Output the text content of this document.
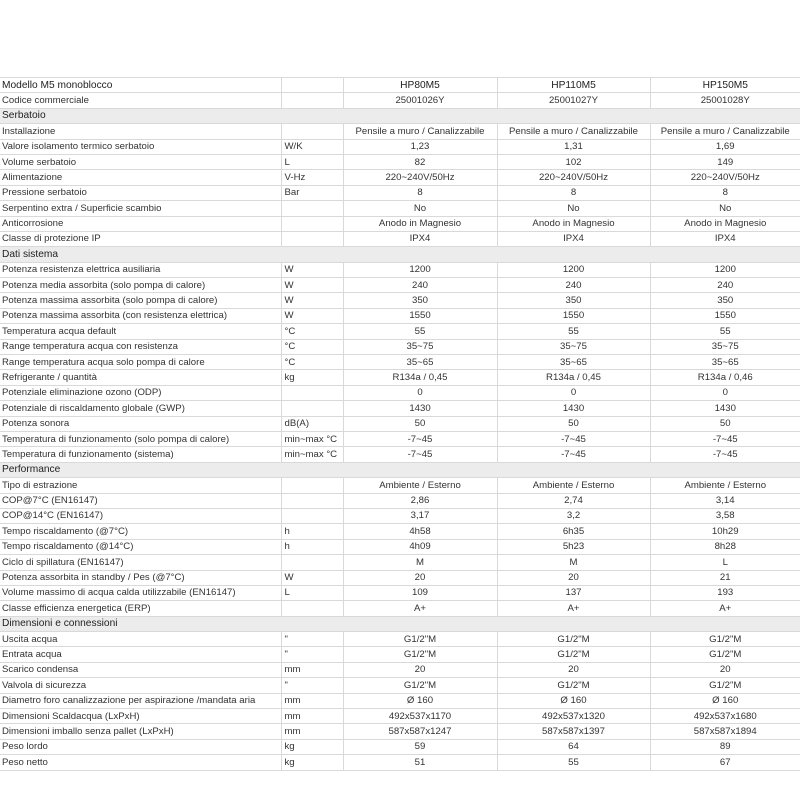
Modello M5 monoblocco		HP80M5	HP110M5	HP150M5
Codice commerciale		25001026Y	25001027Y	25001028Y
Serbatoio				
Installazione		Pensile a muro / Canalizzabile	Pensile a muro / Canalizzabile	Pensile a muro / Canalizzabile
Valore isolamento termico serbatoio	W/K	1,23	1,31	1,69
Volume serbatoio	L	82	102	149
Alimentazione	V-Hz	220~240V/50Hz	220~240V/50Hz	220~240V/50Hz
Pressione serbatoio	Bar	8	8	8
Serpentino extra / Superficie scambio		No	No	No
Anticorrosione		Anodo in Magnesio	Anodo in Magnesio	Anodo in Magnesio
Classe di protezione IP		IPX4	IPX4	IPX4
Dati sistema				
Potenza resistenza elettrica ausiliaria	W	1200	1200	1200
Potenza media assorbita (solo pompa di calore)	W	240	240	240
Potenza massima assorbita (solo pompa di calore)	W	350	350	350
Potenza massima assorbita (con resistenza elettrica)	W	1550	1550	1550
Temperatura acqua default	°C	55	55	55
Range temperatura acqua con resistenza	°C	35~75	35~75	35~75
Range temperatura acqua solo pompa di calore	°C	35~65	35~65	35~65
Refrigerante / quantità	kg	R134a / 0,45	R134a / 0,45	R134a / 0,46
Potenziale eliminazione ozono (ODP)		0	0	0
Potenziale di riscaldamento globale (GWP)		1430	1430	1430
Potenza sonora	dB(A)	50	50	50
Temperatura di funzionamento (solo pompa di calore)	min~max °C	-7~45	-7~45	-7~45
Temperatura di funzionamento (sistema)	min~max °C	-7~45	-7~45	-7~45
Performance				
Tipo di estrazione		Ambiente / Esterno	Ambiente / Esterno	Ambiente / Esterno
COP@7°C (EN16147)		2,86	2,74	3,14
COP@14°C (EN16147)		3,17	3,2	3,58
Tempo riscaldamento (@7°C)	h	4h58	6h35	10h29
Tempo riscaldamento (@14°C)	h	4h09	5h23	8h28
Ciclo di spillatura (EN16147)		M	M	L
Potenza assorbita in standby / Pes (@7°C)	W	20	20	21
Volume massimo di acqua calda utilizzabile (EN16147)	L	109	137	193
Classe efficienza energetica (ERP)		A+	A+	A+
Dimensioni e connessioni				
Uscita acqua	"	G1/2"M	G1/2"M	G1/2"M
Entrata acqua	"	G1/2"M	G1/2"M	G1/2"M
Scarico condensa	mm	20	20	20
Valvola di sicurezza	"	G1/2"M	G1/2"M	G1/2"M
Diametro foro canalizzazione per aspirazione /mandata aria	mm	Ø 160	Ø 160	Ø 160
Dimensioni Scaldacqua (LxPxH)	mm	492x537x1170	492x537x1320	492x537x1680
Dimensioni imballo senza pallet (LxPxH)	mm	587x587x1247	587x587x1397	587x587x1894
Peso lordo	kg	59	64	89
Peso netto	kg	51	55	67
